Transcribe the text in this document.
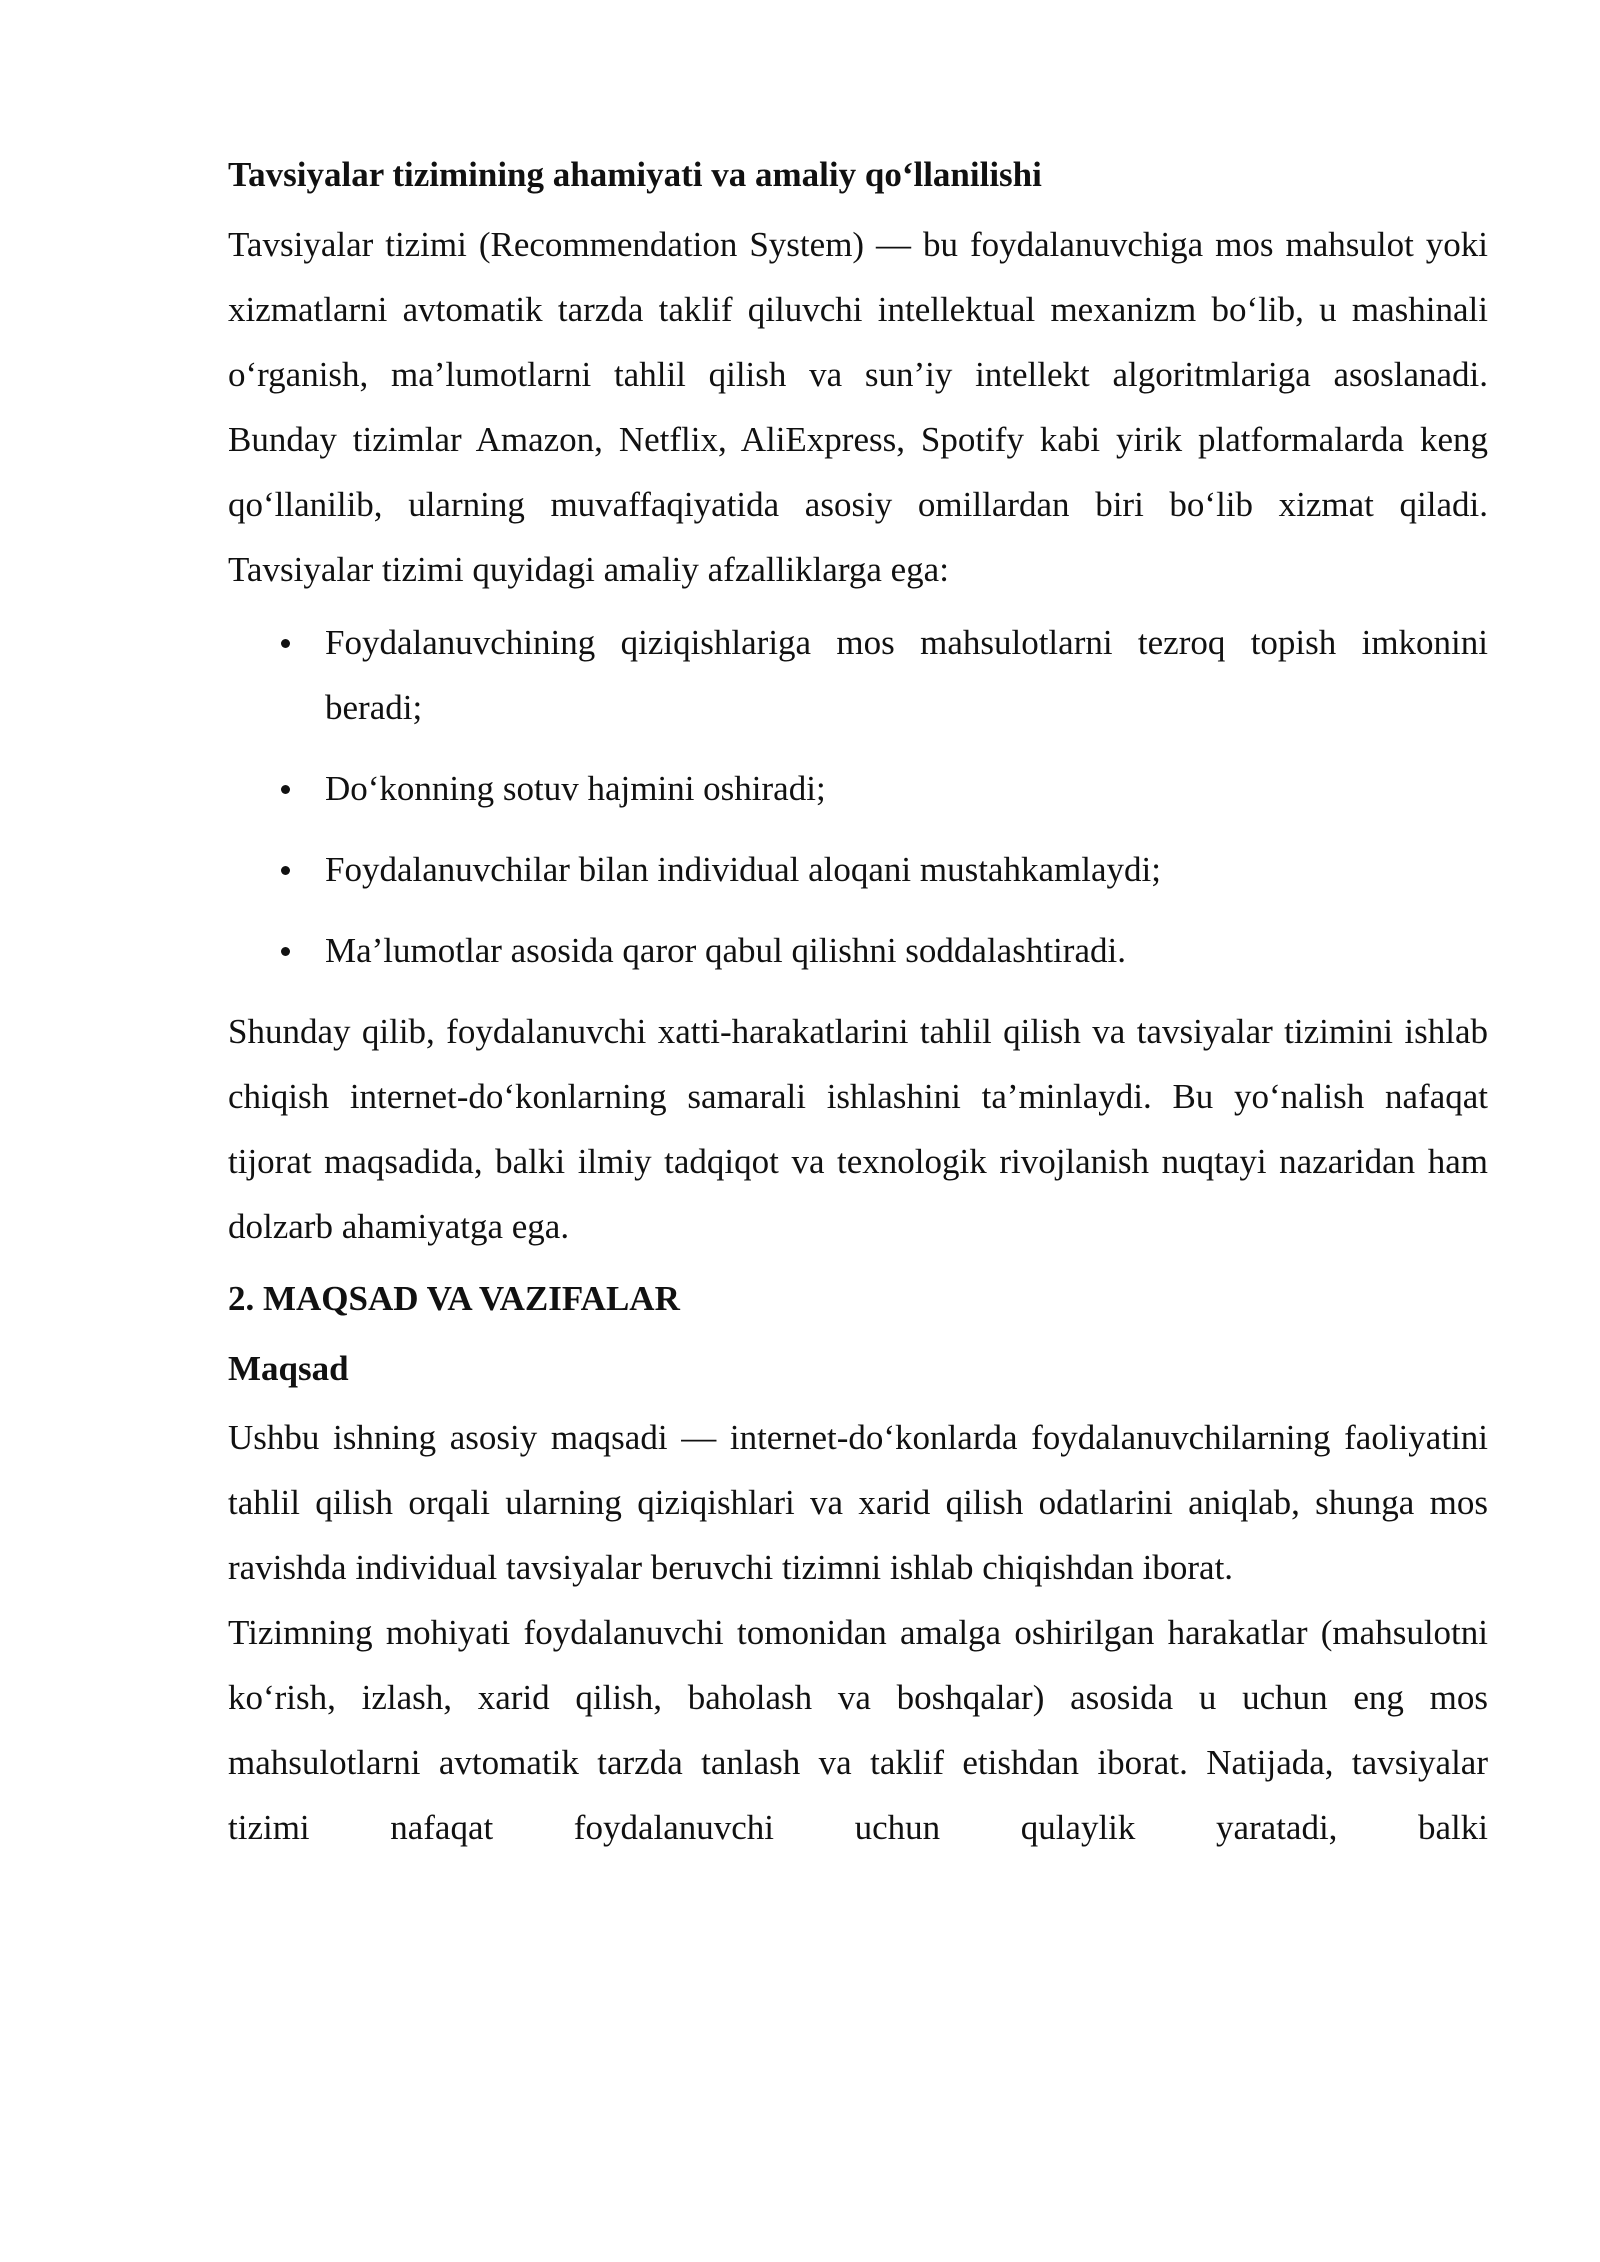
Tavsiyalar tizimining ahamiyati va amaliy qo‘llanilishi

Tavsiyalar tizimi (Recommendation System) — bu foydalanuvchiga mos mahsulot yoki xizmatlarni avtomatik tarzda taklif qiluvchi intellektual mexanizm bo‘lib, u mashinali o‘rganish, ma’lumotlarni tahlil qilish va sun’iy intellekt algoritmlariga asoslanadi. Bunday tizimlar Amazon, Netflix, AliExpress, Spotify kabi yirik platformalarda keng qo‘llanilib, ularning muvaffaqiyatida asosiy omillardan biri bo‘lib xizmat qiladi.

Tavsiyalar tizimi quyidagi amaliy afzalliklarga ega:

Foydalanuvchining qiziqishlariga mos mahsulotlarni tezroq topish imkonini beradi;
Do‘konning sotuv hajmini oshiradi;
Foydalanuvchilar bilan individual aloqani mustahkamlaydi;
Ma’lumotlar asosida qaror qabul qilishni soddalashtiradi.

Shunday qilib, foydalanuvchi xatti-harakatlarini tahlil qilish va tavsiyalar tizimini ishlab chiqish internet-do‘konlarning samarali ishlashini ta’minlaydi. Bu yo‘nalish nafaqat tijorat maqsadida, balki ilmiy tadqiqot va texnologik rivojlanish nuqtayi nazaridan ham dolzarb ahamiyatga ega.

2. MAQSAD VA VAZIFALAR
Maqsad

Ushbu ishning asosiy maqsadi — internet-do‘konlarda foydalanuvchilarning faoliyatini tahlil qilish orqali ularning qiziqishlari va xarid qilish odatlarini aniqlab, shunga mos ravishda individual tavsiyalar beruvchi tizimni ishlab chiqishdan iborat.

Tizimning mohiyati foydalanuvchi tomonidan amalga oshirilgan harakatlar (mahsulotni ko‘rish, izlash, xarid qilish, baholash va boshqalar) asosida u uchun eng mos mahsulotlarni avtomatik tarzda tanlash va taklif etishdan iborat. Natijada, tavsiyalar tizimi nafaqat foydalanuvchi uchun qulaylik yaratadi, balki
